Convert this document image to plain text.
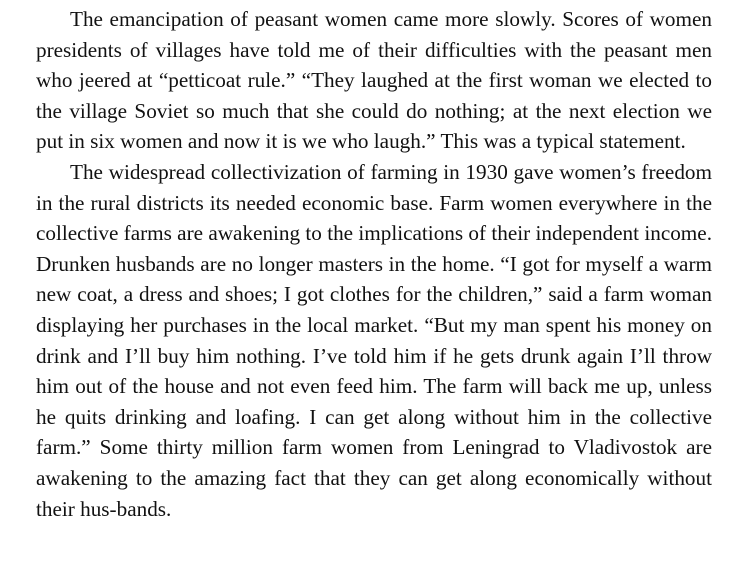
The emancipation of peasant women came more slowly. Scores of women presidents of villages have told me of their difficulties with the peasant men who jeered at “petticoat rule.” “They laughed at the first woman we elected to the village Soviet so much that she could do nothing; at the next election we put in six women and now it is we who laugh.” This was a typical statement.

The widespread collectivization of farming in 1930 gave women’s freedom in the rural districts its needed economic base. Farm women everywhere in the collective farms are awakening to the implications of their independent income. Drunken husbands are no longer masters in the home. “I got for myself a warm new coat, a dress and shoes; I got clothes for the children,” said a farm woman displaying her purchases in the local market. “But my man spent his money on drink and I’ll buy him nothing. I’ve told him if he gets drunk again I’ll throw him out of the house and not even feed him. The farm will back me up, unless he quits drinking and loafing. I can get along without him in the collective farm.” Some thirty million farm women from Leningrad to Vladivostok are awakening to the amazing fact that they can get along economically without their hus-bands.
